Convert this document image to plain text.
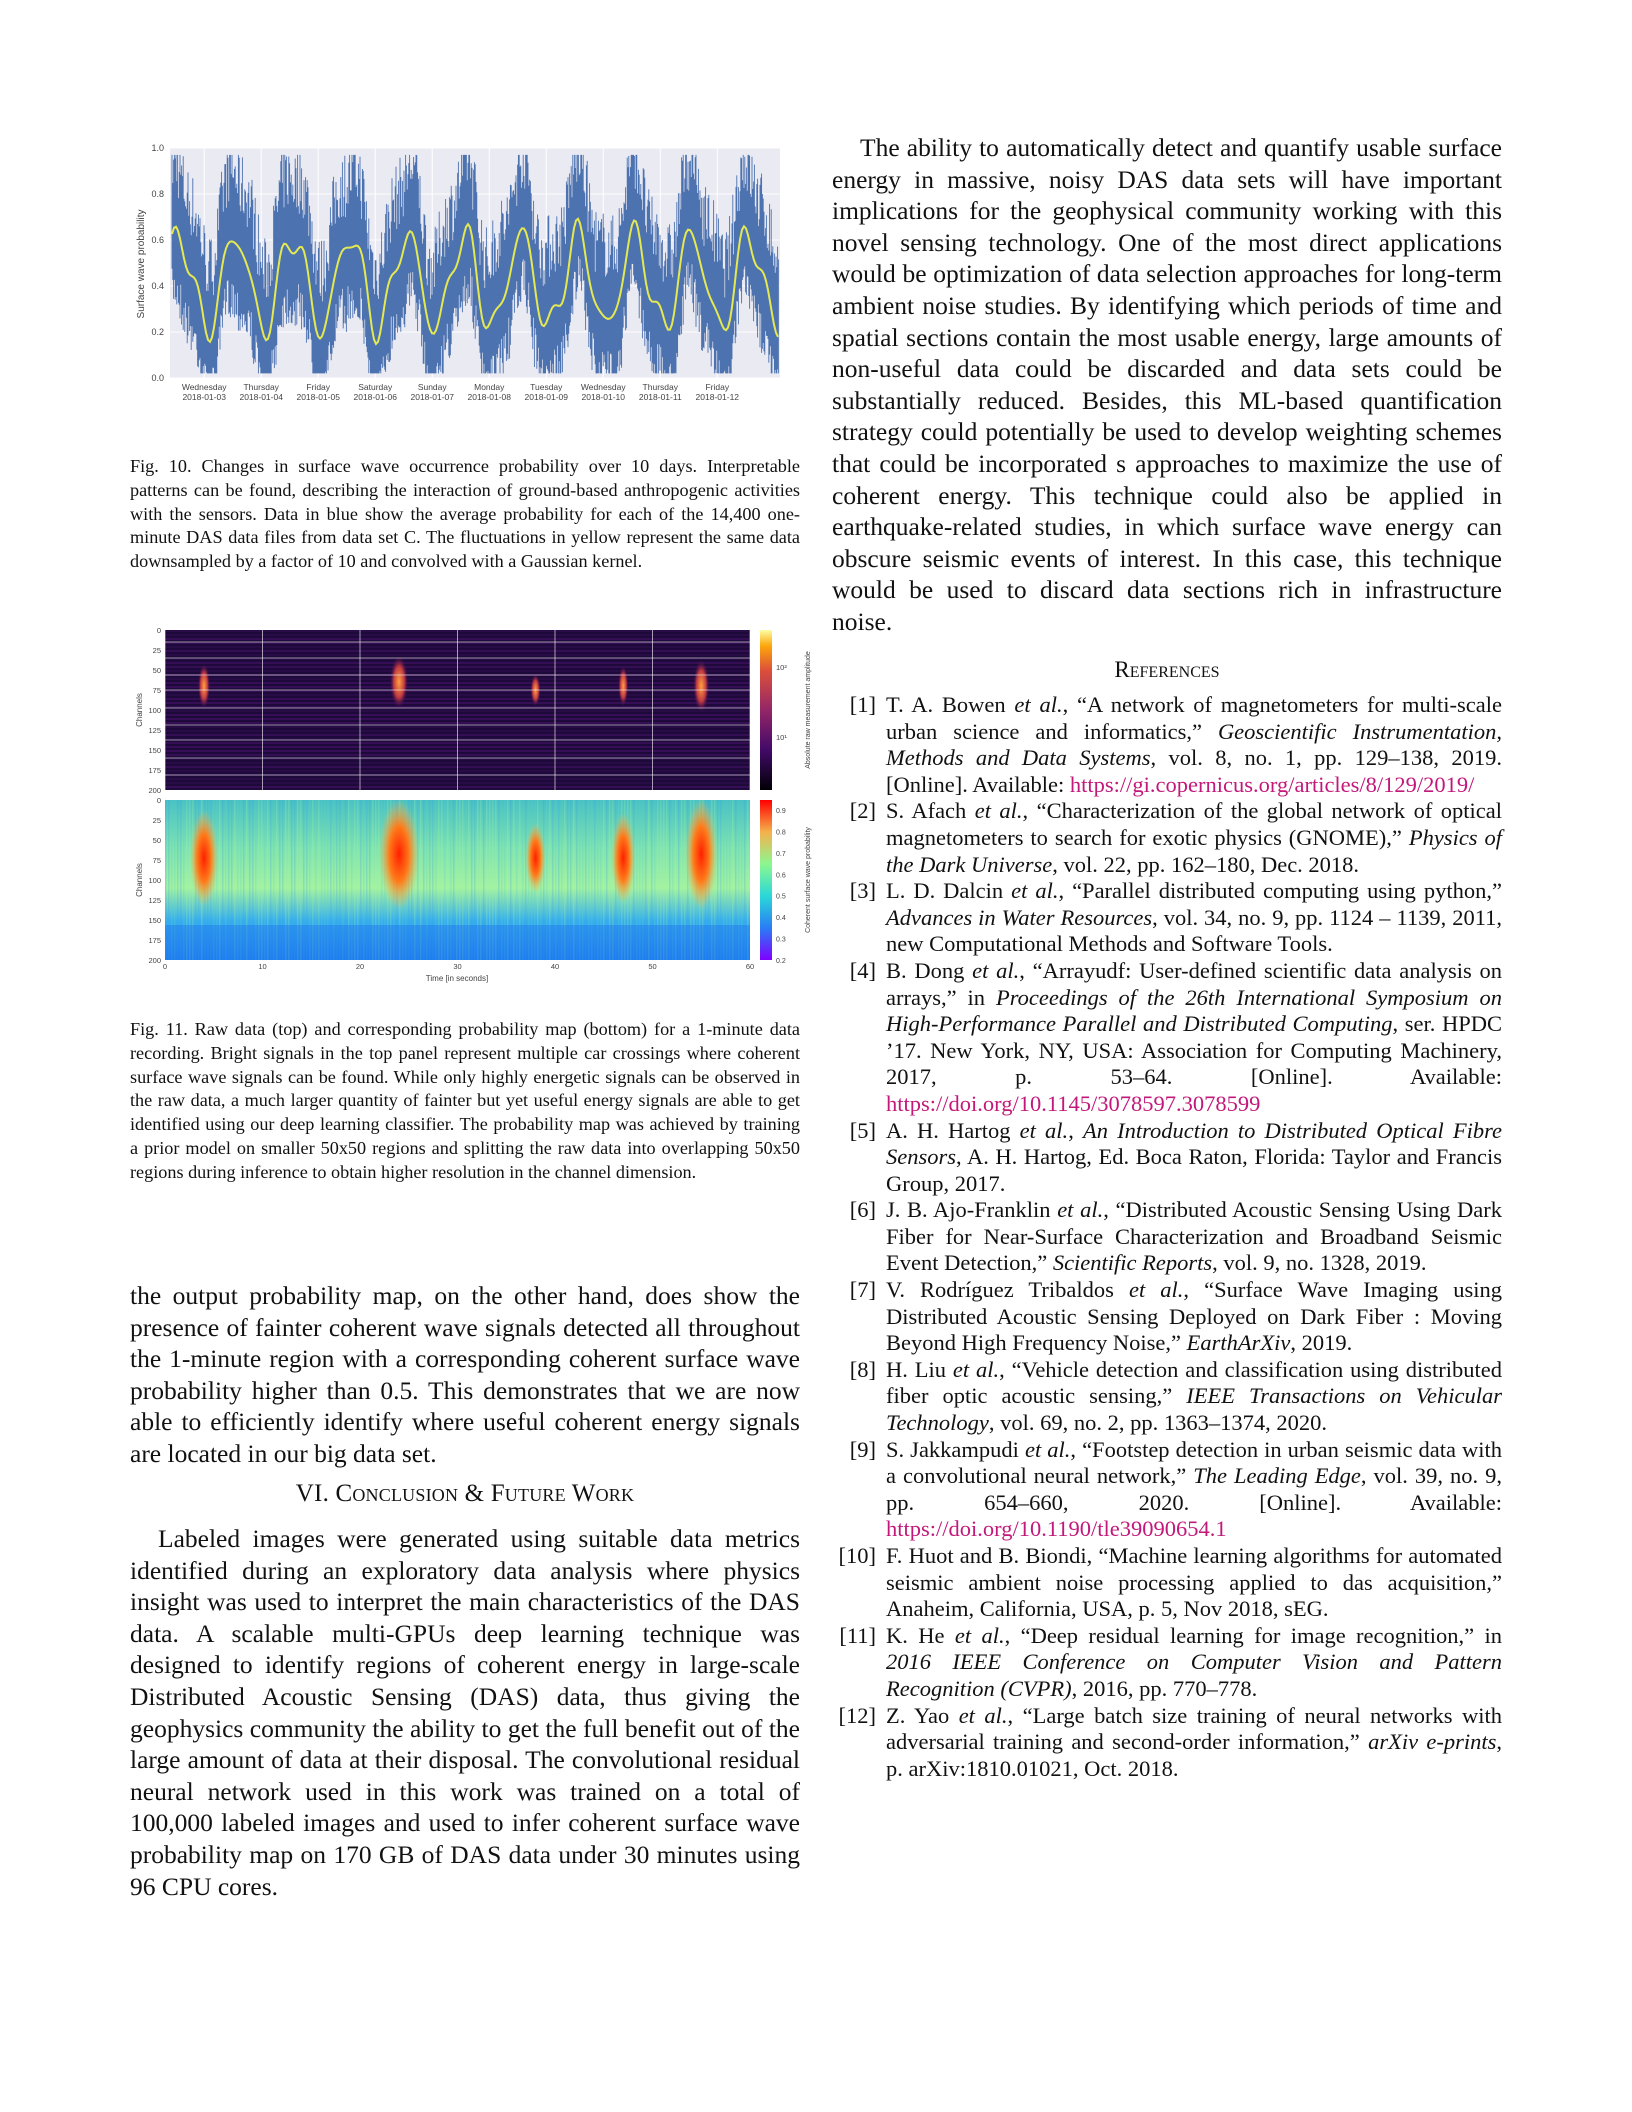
0.0
0.2
0.4
0.6
0.8
1.0
Wednesday
2018-01-03
Thursday
2018-01-04
Friday
2018-01-05
Saturday
2018-01-06
Sunday
2018-01-07
Monday
2018-01-08
Tuesday
2018-01-09
Wednesday
2018-01-10
Thursday
2018-01-11
Friday
2018-01-12
Surface wave probability
Fig. 10. Changes in surface wave occurrence probability over 10 days. Interpretable patterns can be found, describing the interaction of ground-based anthropogenic activities with the sensors. Data in blue show the average probability for each of the 14,400 one-minute DAS data files from data set C. The fluctuations in yellow represent the same data downsampled by a factor of 10 and convolved with a Gaussian kernel.
0
25
50
75
100
125
150
175
200
Channels
10²
10¹	Absolute raw measurement amplitude
0
25
50
75
100
125
150
175
200
0	10	20	30	40	50	60
Channels
Time [in seconds]
0.9
0.8
0.7
0.6
0.5
0.4
0.3
0.2
Coherent surface wave probability
Fig. 11. Raw data (top) and corresponding probability map (bottom) for a 1-minute data recording. Bright signals in the top panel represent multiple car crossings where coherent surface wave signals can be found. While only highly energetic signals can be observed in the raw data, a much larger quantity of fainter but yet useful energy signals are able to get identified using our deep learning classifier. The probability map was achieved by training a prior model on smaller 50x50 regions and splitting the raw data into overlapping 50x50 regions during inference to obtain higher resolution in the channel dimension.

the output probability map, on the other hand, does show the presence of fainter coherent wave signals detected all throughout the 1-minute region with a corresponding coherent surface wave probability higher than 0.5. This demonstrates that we are now able to efficiently identify where useful coherent energy signals are located in our big data set.

VI. Conclusion & Future Work

Labeled images were generated using suitable data metrics identified during an exploratory data analysis where physics insight was used to interpret the main characteristics of the DAS data. A scalable multi-GPUs deep learning technique was designed to identify regions of coherent energy in large-scale Distributed Acoustic Sensing (DAS) data, thus giving the geophysics community the ability to get the full benefit out of the large amount of data at their disposal. The convolutional residual neural network used in this work was trained on a total of 100,000 labeled images and used to infer coherent surface wave probability map on 170 GB of DAS data under 30 minutes using 96 CPU cores.

The ability to automatically detect and quantify usable surface energy in massive, noisy DAS data sets will have important implications for the geophysical community working with this novel sensing technology. One of the most direct applications would be optimization of data selection approaches for long-term ambient noise studies. By identifying which periods of time and spatial sections contain the most usable energy, large amounts of non-useful data could be discarded and data sets could be substantially reduced. Besides, this ML-based quantification strategy could potentially be used to develop weighting schemes that could be incorporated s approaches to maximize the use of coherent energy. This technique could also be applied in earthquake-related studies, in which surface wave energy can obscure seismic events of interest. In this case, this technique would be used to discard data sections rich in infrastructure noise.

References
[1] T. A. Bowen et al., “A network of magnetometers for multi-scale urban science and informatics,” Geoscientific Instrumentation, Methods and Data Systems, vol. 8, no. 1, pp. 129–138, 2019. [Online]. Available: https://gi.copernicus.org/articles/8/129/2019/
[2] S. Afach et al., “Characterization of the global network of optical magnetometers to search for exotic physics (GNOME),” Physics of the Dark Universe, vol. 22, pp. 162–180, Dec. 2018.
[3] L. D. Dalcin et al., “Parallel distributed computing using python,” Advances in Water Resources, vol. 34, no. 9, pp. 1124 – 1139, 2011, new Computational Methods and Software Tools.
[4] B. Dong et al., “Arrayudf: User-defined scientific data analysis on arrays,” in Proceedings of the 26th International Symposium on High-Performance Parallel and Distributed Computing, ser. HPDC ’17. New York, NY, USA: Association for Computing Machinery, 2017, p. 53–64. [Online]. Available: https://doi.org/10.1145/3078597.3078599
[5] A. H. Hartog et al., An Introduction to Distributed Optical Fibre Sensors, A. H. Hartog, Ed. Boca Raton, Florida: Taylor and Francis Group, 2017.
[6] J. B. Ajo-Franklin et al., “Distributed Acoustic Sensing Using Dark Fiber for Near-Surface Characterization and Broadband Seismic Event Detection,” Scientific Reports, vol. 9, no. 1328, 2019.
[7] V. Rodríguez Tribaldos et al., “Surface Wave Imaging using Distributed Acoustic Sensing Deployed on Dark Fiber : Moving Beyond High Frequency Noise,” EarthArXiv, 2019.
[8] H. Liu et al., “Vehicle detection and classification using distributed fiber optic acoustic sensing,” IEEE Transactions on Vehicular Technology, vol. 69, no. 2, pp. 1363–1374, 2020.
[9] S. Jakkampudi et al., “Footstep detection in urban seismic data with a convolutional neural network,” The Leading Edge, vol. 39, no. 9, pp. 654–660, 2020. [Online]. Available: https://doi.org/10.1190/tle39090654.1
[10] F. Huot and B. Biondi, “Machine learning algorithms for automated seismic ambient noise processing applied to das acquisition,” Anaheim, California, USA, p. 5, Nov 2018, sEG.
[11] K. He et al., “Deep residual learning for image recognition,” in 2016 IEEE Conference on Computer Vision and Pattern Recognition (CVPR), 2016, pp. 770–778.
[12] Z. Yao et al., “Large batch size training of neural networks with adversarial training and second-order information,” arXiv e-prints, p. arXiv:1810.01021, Oct. 2018.
